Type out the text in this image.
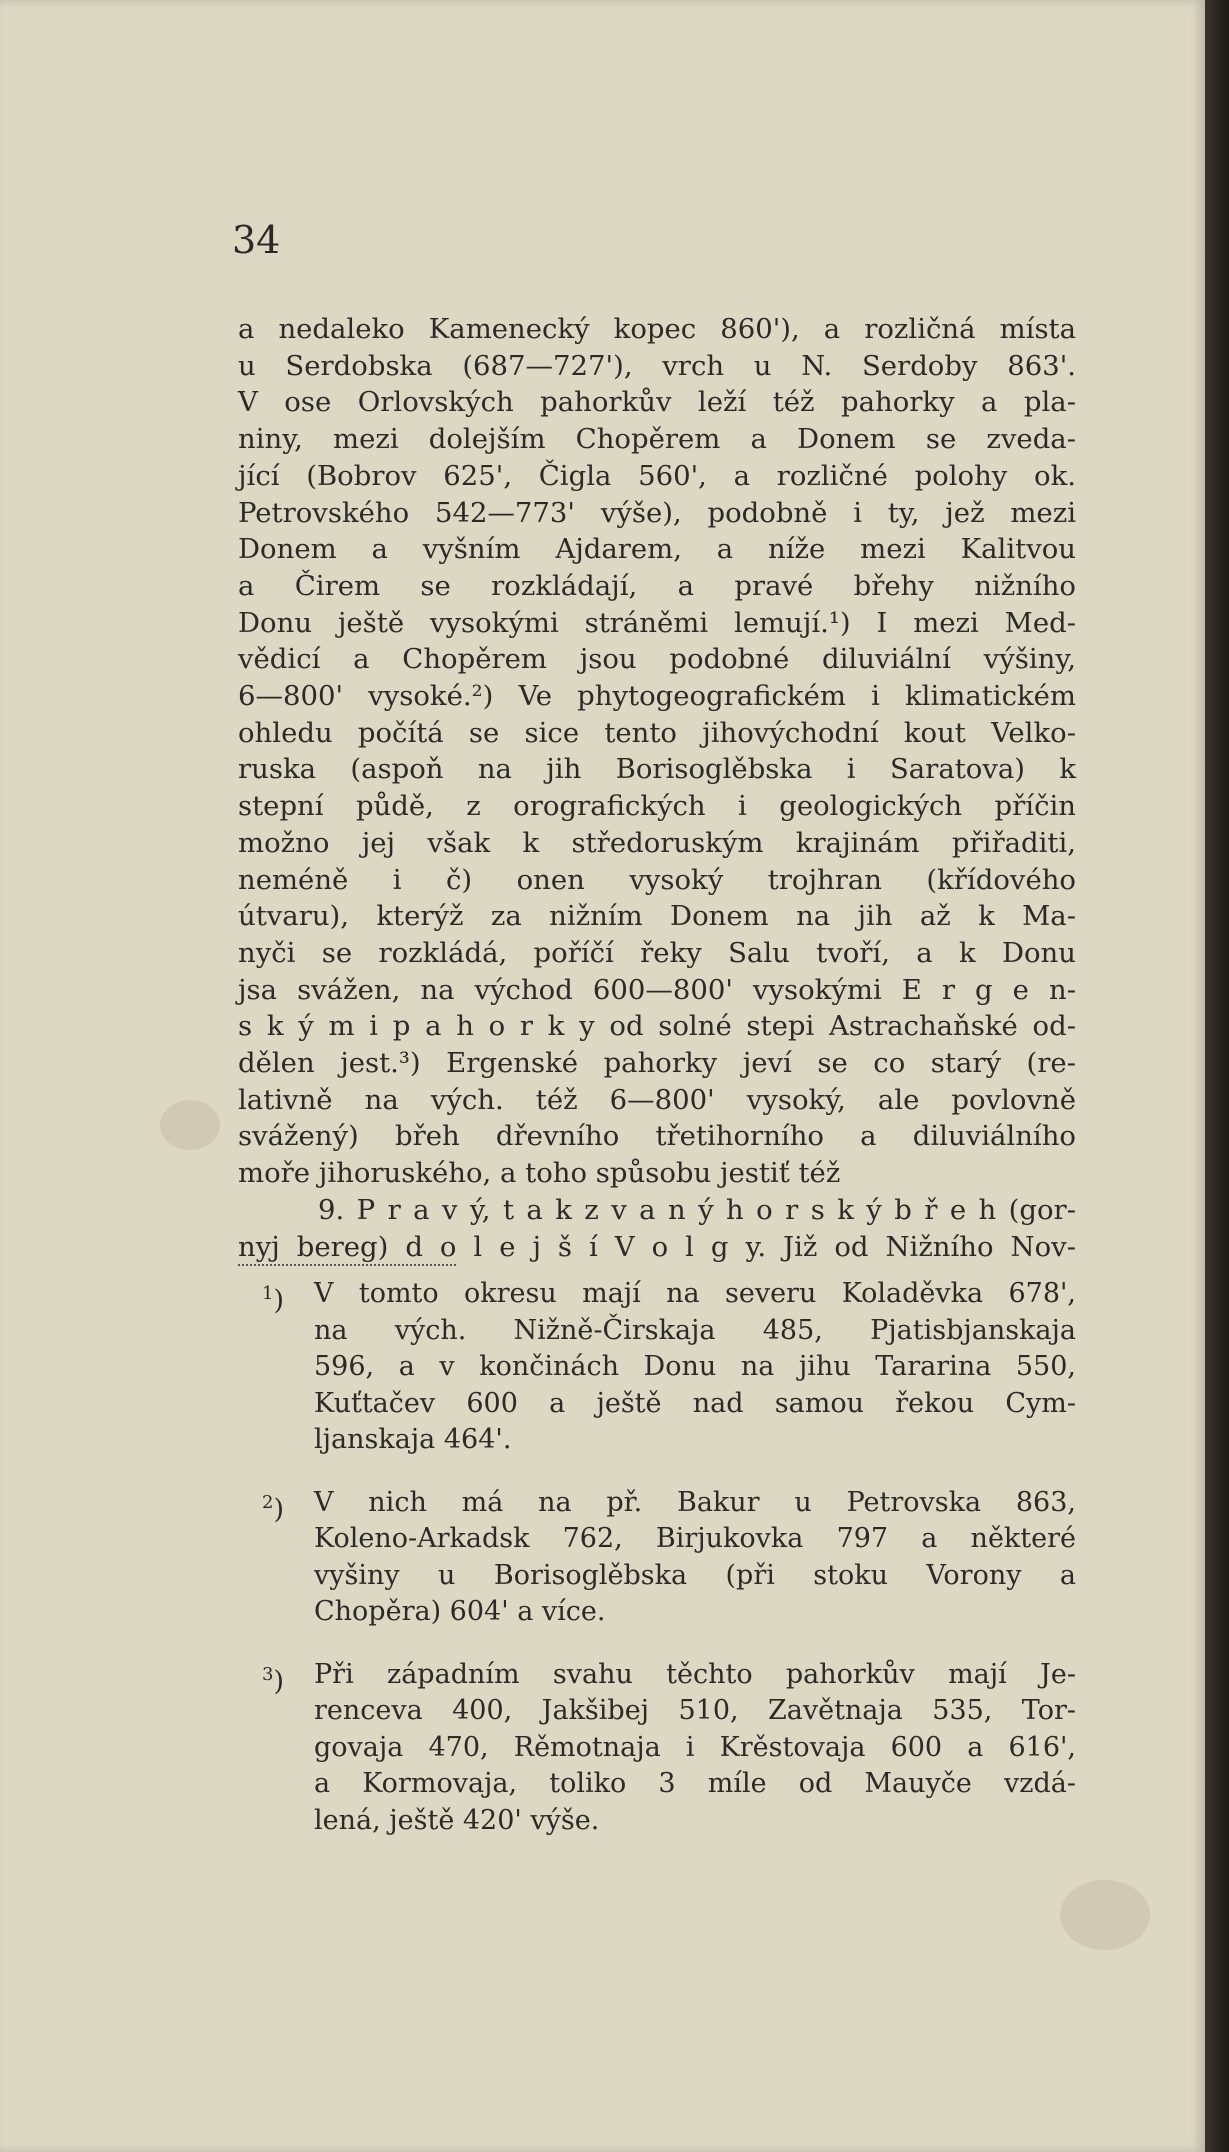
34
a nedaleko Kamenecký kopec 860'), a rozličná místa
u Serdobska (687—727'), vrch u N. Serdoby 863'.
V ose Orlovských pahorkův leží též pahorky a pla-
niny, mezi dolejším Chopěrem a Donem se zveda-
jící (Bobrov 625', Čigla 560', a rozličné polohy ok.
Petrovského 542—773' výše), podobně i ty, jež mezi
Donem a vyšním Ajdarem, a níže mezi Kalitvou
a Čirem se rozkládají, a pravé břehy nižního
Donu ještě vysokými stráněmi lemují.¹) I mezi Med-
vědicí a Chopěrem jsou podobné diluviální výšiny,
6—800' vysoké.²) Ve phytogeografickém i klimatickém
ohledu počítá se sice tento jihovýchodní kout Velko-
ruska (aspoň na jih Borisoglěbska i Saratova) k
stepní půdě, z orografických i geologických příčin
možno jej však k středoruským krajinám přiřaditi,
neméně i č) onen vysoký trojhran (křídového
útvaru), kterýž za nižním Donem na jih až k Ma-
nyči se rozkládá, poříčí řeky Salu tvoří, a k Donu
jsa svážen, na východ 600—800' vysokými E r g e n-
s k ý m i p a h o r k y od solné stepi Astrachaňské od-
dělen jest.³) Ergenské pahorky jeví se co starý (re-
lativně na vých. též 6—800' vysoký, ale povlovně
svážený) břeh dřevního třetihorního a diluviálního
moře jihoruského, a toho spůsobu jestiť též
9. P r a v ý, t a k z v a n ý h o r s k ý b ř e h (gor-
nyj bereg) d o l e j š í V o l g y. Již od Nižního Nov-
$^1$)	V tomto okresu mají na severu Koladěvka 678',
na vých. Nižně-Čirskaja 485, Pjatisbjanskaja
596, a v končinách Donu na jihu Tararina 550,
Kuťtačev 600 a ještě nad samou řekou Cym-
ljanskaja 464'.
$^2$)	V nich má na př. Bakur u Petrovska 863,
Koleno-Arkadsk 762, Birjukovka 797 a některé
vyšiny u Borisoglěbska (při stoku Vorony a
Chopěra) 604' a více.
$^3$)	Při západním svahu těchto pahorkův mají Je-
renceva 400, Jakšibej 510, Zavětnaja 535, Tor-
govaja 470, Rěmotnaja i Krěstovaja 600 a 616',
a Kormovaja, toliko 3 míle od Mauyče vzdá-
lená, ještě 420' výše.
